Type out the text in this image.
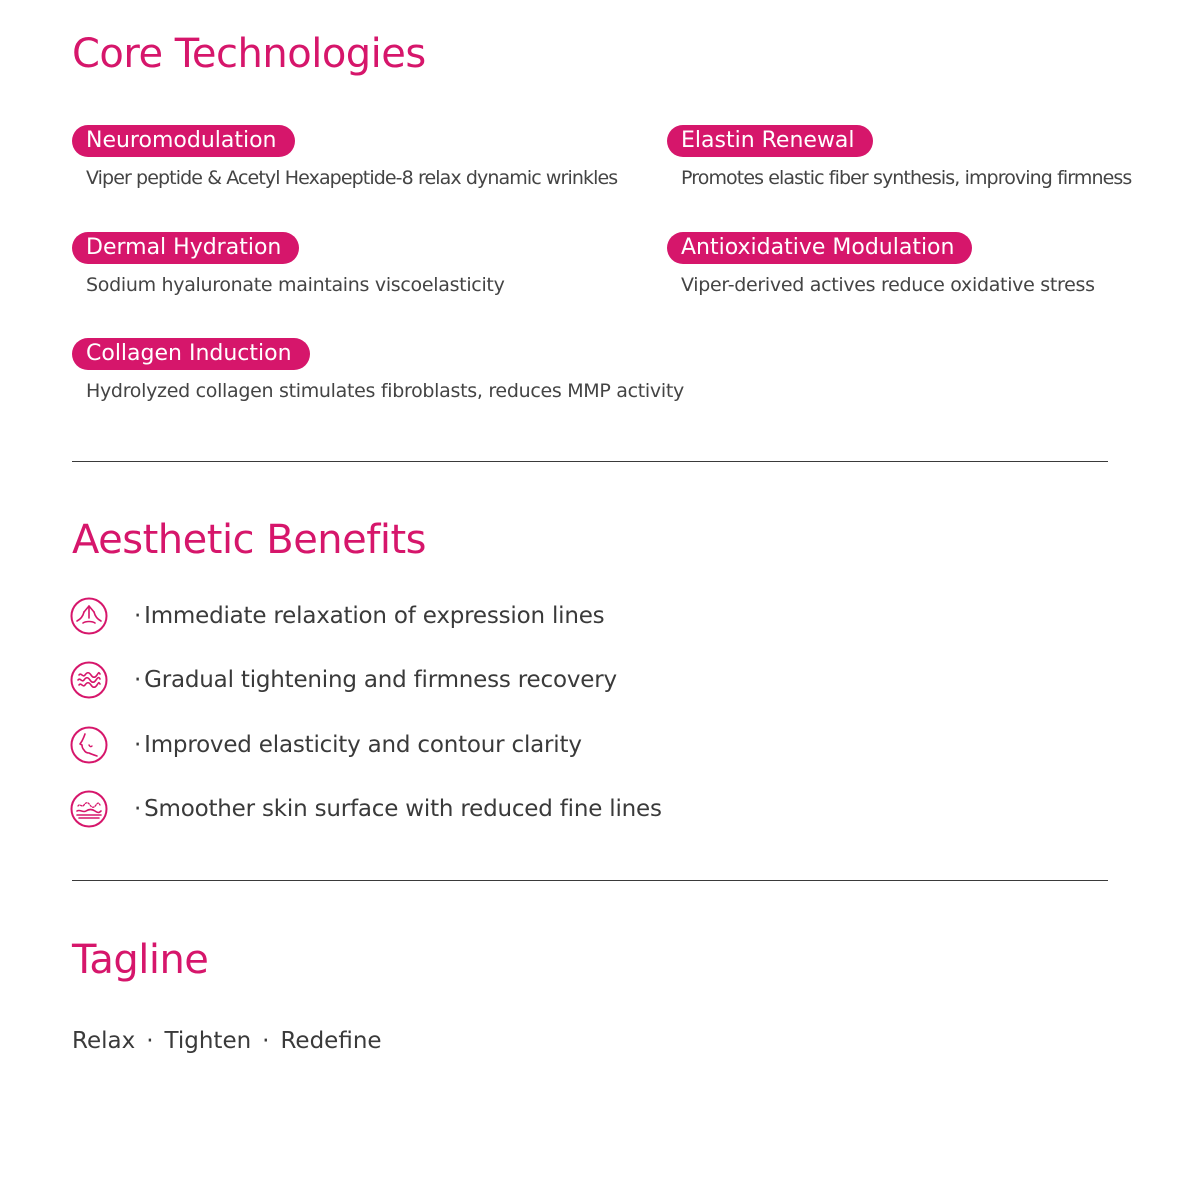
Core Technologies
Neuromodulation
Viper peptide & Acetyl Hexapeptide-8 relax dynamic wrinkles
Elastin Renewal
Promotes elastic fiber synthesis, improving firmness
Dermal Hydration
Sodium hyaluronate maintains viscoelasticity
Antioxidative Modulation
Viper-derived actives reduce oxidative stress
Collagen Induction
Hydrolyzed collagen stimulates fibroblasts, reduces MMP activity
Aesthetic Benefits
· Immediate relaxation of expression lines
· Gradual tightening and firmness recovery
· Improved elasticity and contour clarity
· Smoother skin surface with reduced fine lines
Tagline
Relax · Tighten · Redefine
